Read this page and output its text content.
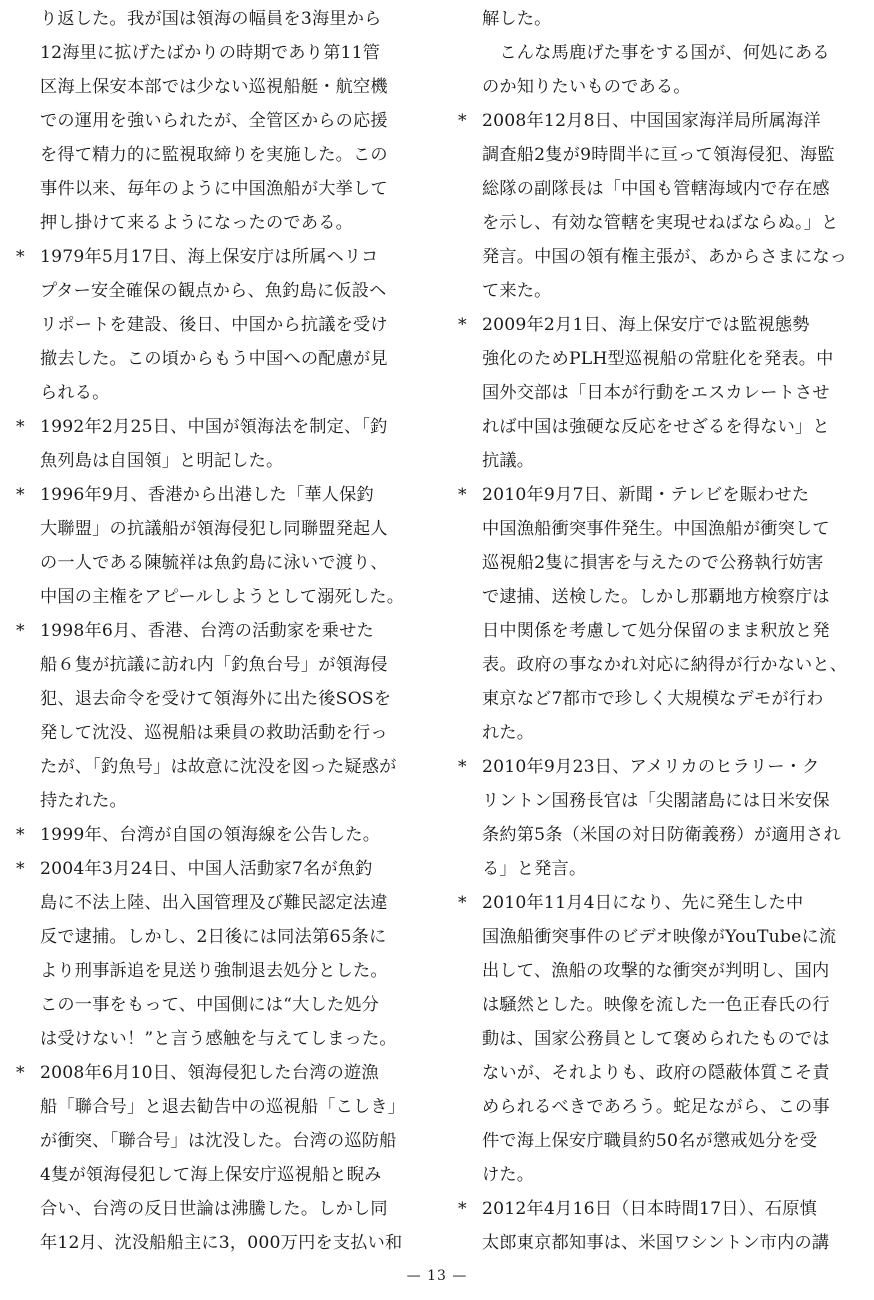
り返した。我が国は領海の幅員を3海里から
12海里に拡げたばかりの時期であり第11管
区海上保安本部では少ない巡視船艇・航空機
での運用を強いられたが、全管区からの応援
を得て精力的に監視取締りを実施した。この
事件以来、毎年のように中国漁船が大挙して
押し掛けて来るようになったのである。
* 1979年5月17日、海上保安庁は所属ヘリコ
プター安全確保の観点から、魚釣島に仮設ヘ
リポートを建設、後日、中国から抗議を受け
撤去した。この頃からもう中国への配慮が見
られる。
* 1992年2月25日、中国が領海法を制定、「釣
魚列島は自国領」と明記した。
* 1996年9月、香港から出港した「華人保釣
大聯盟」の抗議船が領海侵犯し同聯盟発起人
の一人である陳毓祥は魚釣島に泳いで渡り、
中国の主権をアピールしようとして溺死した。
* 1998年6月、香港、台湾の活動家を乗せた
船６隻が抗議に訪れ内「釣魚台号」が領海侵
犯、退去命令を受けて領海外に出た後SOSを
発して沈没、巡視船は乗員の救助活動を行っ
たが、「釣魚号」は故意に沈没を図った疑惑が
持たれた。
* 1999年、台湾が自国の領海線を公告した。
* 2004年3月24日、中国人活動家7名が魚釣
島に不法上陸、出入国管理及び難民認定法違
反で逮捕。しかし、2日後には同法第65条に
より刑事訴追を見送り強制退去処分とした。
この一事をもって、中国側には“大した処分
は受けない！”と言う感触を与えてしまった。
* 2008年6月10日、領海侵犯した台湾の遊漁
船「聯合号」と退去勧告中の巡視船「こしき」
が衝突、「聯合号」は沈没した。台湾の巡防船
4隻が領海侵犯して海上保安庁巡視船と睨み
合い、台湾の反日世論は沸騰した。しかし同
年12月、沈没船船主に3，000万円を支払い和
解した。
　こんな馬鹿げた事をする国が、何処にある
のか知りたいものである。
* 2008年12月8日、中国国家海洋局所属海洋
調査船2隻が9時間半に亘って領海侵犯、海監
総隊の副隊長は「中国も管轄海域内で存在感
を示し、有効な管轄を実現せねばならぬ。」と
発言。中国の領有権主張が、あからさまになっ
て来た。
* 2009年2月1日、海上保安庁では監視態勢
強化のためPLH型巡視船の常駐化を発表。中
国外交部は「日本が行動をエスカレートさせ
れば中国は強硬な反応をせざるを得ない」と
抗議。
* 2010年9月7日、新聞・テレビを賑わせた
中国漁船衝突事件発生。中国漁船が衝突して
巡視船2隻に損害を与えたので公務執行妨害
で逮捕、送検した。しかし那覇地方検察庁は
日中関係を考慮して処分保留のまま釈放と発
表。政府の事なかれ対応に納得が行かないと、
東京など7都市で珍しく大規模なデモが行わ
れた。
* 2010年9月23日、アメリカのヒラリー・ク
リントン国務長官は「尖閣諸島には日米安保
条約第5条（米国の対日防衛義務）が適用され
る」と発言。
* 2010年11月4日になり、先に発生した中
国漁船衝突事件のビデオ映像がYouTubeに流
出して、漁船の攻撃的な衝突が判明し、国内
は騒然とした。映像を流した一色正春氏の行
動は、国家公務員として褒められたものでは
ないが、それよりも、政府の隠蔽体質こそ責
められるべきであろう。蛇足ながら、この事
件で海上保安庁職員約50名が懲戒処分を受
けた。
* 2012年4月16日（日本時間17日）、石原慎
太郎東京都知事は、米国ワシントン市内の講
— 13 —
